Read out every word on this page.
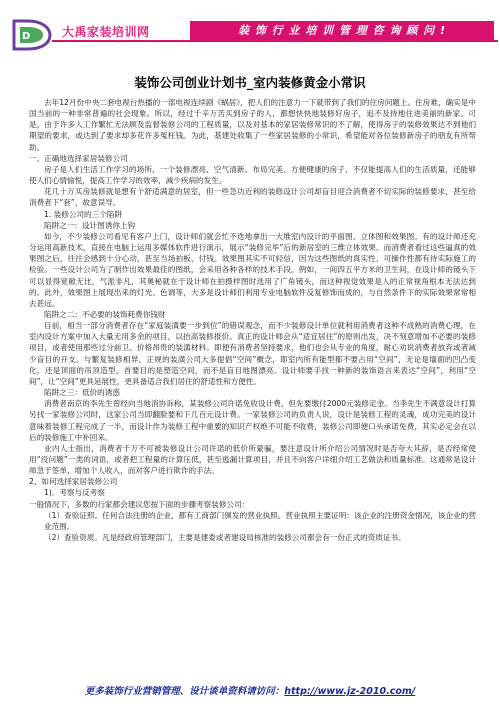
D	大禹家装培训网	装 饰 行 业 培 训 管 理 咨 询 顾 问 !
装饰公司创业计划书_室内装修黄金小常识

去年12月份中央二套电视台热播的一部电视连续剧《蜗居》，把人们的注意力一下就带到了我们的住房问题上。住房难，确实是中国当前的一种非常普遍的社会现象。所以，经过千辛万苦买到房子的人，都想快快地装修好房子，追不及待地住进美丽的新家。可是，由于许多人工作繁忙无法顾及监督装修公司的工程质量，以及对基本的家居装修常识的不了解，使得房子的装修效果达不到他们期望的要求，或达到了要求却多花许多冤枉钱。为此，基建处收集了一些家居装修的小常识，希望能对各位装修新房子的朋友有所帮助。

一、正确地选择家居装修公司

房子是人们生活工作学习的场所，一个装修漂亮、空气清新、布局完美、方便健康的房子，不仅能提高人们的生活质量，还能够使人们心情愉悦，提高工作学习的效率，减少疾病的发生。

花几十万买房装修就是想有个舒适满意的居室，但一些急功近利的装修设计公司却盲目迎合消费者不切实际的装修要求，甚至给消费者下“套”，故意误导。

1. 装修公司的三个陷阱

陷阱之一：设计图诱你上钩

如今，不少装修公司看见有客户上门，设计师们就会忙不迭地拿出一大堆室内设计的平面图、立体图和效果图。有的设计师还充分运用高新技术，直接在电脑上运用多媒体软件进行演示，展示“装修完毕”后的新居室的三维立体效果。而消费者看过这些逼真的效果图之后，往往会感到十分心动，甚至当场拍板、付钱。效果图其实不可轻信，因为这些图纸的真实性、可操作性都有待实际施工的检验。一些设计公司为了制作出效果最佳的图纸，会采用各种各样的技术手段。例如，一间四五平方米的卫生间，在设计师的镜头下可以显得宽敞无比，气派非凡，其奥秘就在于设计师在拍摄样图时选用了广角镜头，而这种视觉效果是人的正常视角根本无法达到的。此外，效果图上展现出来的灯光、色调等，大多是设计师们利用专业电脑软件反复修饰而成的，与自然条件下的实际效果常常相去甚远。

陷阱之二：不必要的装饰耗费你钱财

目前，相当一部分消费者存在“家庭装潢要一步到位”的错误观念，而不少装修设计单位就利用消费者这种不成熟的消费心理，在室内设计方案中加入大量无用多余的项目，以抬高装修报价。真正的设计师会从“适宜居住”的原则出发，决不刻意增加不必要的装修项目，或者使用那些过分前卫、价格昂贵的装潢材料。即便有消费者坚持要求，他们也会从专业的角度，耐心劝说消费者放弃或者减少盲目的开支。与繁复装修相异，正规的装潢公司大多提倡“空间”概念，即室内所有能型都不要占用“空间”，无论是墙面的凹凸变化，还是顶面的吊顶造型，首要目的是塑造空间，而不是盲目地图漂亮。设计师要手找一种新的装饰语言来表达“空间”，利用“空间”，让“空间”更具延展性，更具备适合我们居住的舒适性和方便性。

陷阱之三：低价的诱惑

消费者南京的李先生曾经向当地消协诉称，某装修公司许诺免收设计费，但先要缴付2000元装修定金。当李先生不满意设计打算另找一家装修公司时，这家公司当即翻脸要和下几百元设计费。一家装修公司的负责人说，设计是装修工程的灵魂，成功完美的设计意味着装修工程完成了一半，而设计作为装修工程中重要的知识产权绝不可能不收费，装修公司即便口头承诺免费，其实必定会在以后的装修施工中补回来。

业内人士指出，消费者千万不可被装修设计公司许诺的低价所蒙骗，要注意设计所介绍公司情况时是否夸大其辞，是否经常使用“没问题”一类的词语，或者把工程量的计算压低，甚至逃漏计算项目，并且不向客户详细介绍工艺做法和质量标准。这通常是设计师急于签单，增加个人收入，而对客户进行欺诈的手法。

2、如何选择家居装修公司

1)．考察与反考察

一般情况下，多数的行家都会建议您按下面的步骤考察装修公司：

（1）查验证照。任何合法注册的企业，都有工商部门颁发的营业执照。营业执照主要证明：该企业的注册资金情况，该企业的营业范围。

（2）查验资质。凡是经政府管理部门，主要是建委或者建设局核准的装修公司都会有一份正式的资质证书。

更多装饰行业营销管理、设计谈单资料请访问：http://www.jz-2010.com/
